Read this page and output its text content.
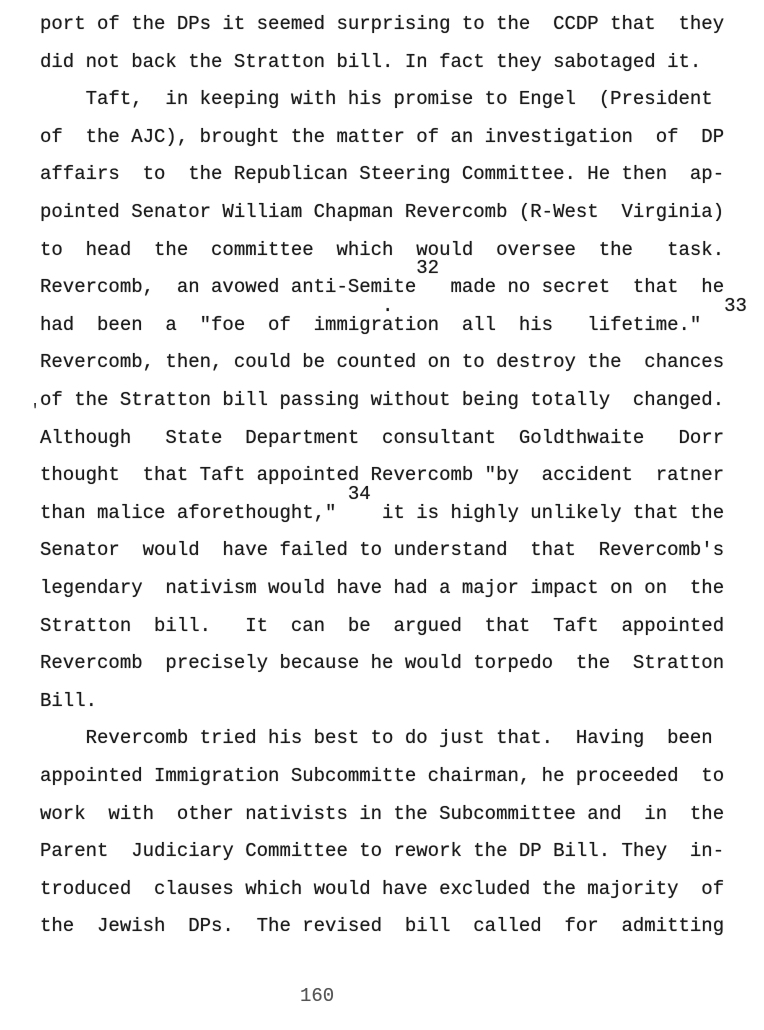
port of the DPs it seemed surprising to the  CCDP that  they
did not back the Stratton bill. In fact they sabotaged it.
Taft,  in keeping with his promise to Engel  (President
of  the AJC), brought the matter of an investigation  of  DP
affairs  to  the Republican Steering Committee. He then  ap-
pointed Senator William Chapman Revercomb (R-West  Virginia)
to  head  the  committee  which  would  oversee  the   task.
32
Revercomb,  an avowed anti-Semite   made no secret  that  he
.                             33
had  been  a  "foe  of  immigration  all  his   lifetime."
Revercomb, then, could be counted on to destroy the  chances
of the Stratton bill passing without being totally  changed.
Although   State  Department  consultant  Goldthwaite   Dorr
thought  that Taft appointed Revercomb "by  accident  ratner
34
than malice aforethought,"    it is highly unlikely that the
Senator  would  have failed to understand  that  Revercomb's
legendary  nativism would have had a major impact on on  the
Stratton  bill.   It  can  be  argued  that  Taft  appointed
Revercomb  precisely because he would torpedo  the  Stratton
Bill.
Revercomb tried his best to do just that.  Having  been
appointed Immigration Subcommitte chairman, he proceeded  to
work  with  other nativists in the Subcommittee and  in  the
Parent  Judiciary Committee to rework the DP Bill. They  in-
troduced  clauses which would have excluded the majority  of
the  Jewish  DPs.  The revised  bill  called  for  admitting
'
160
